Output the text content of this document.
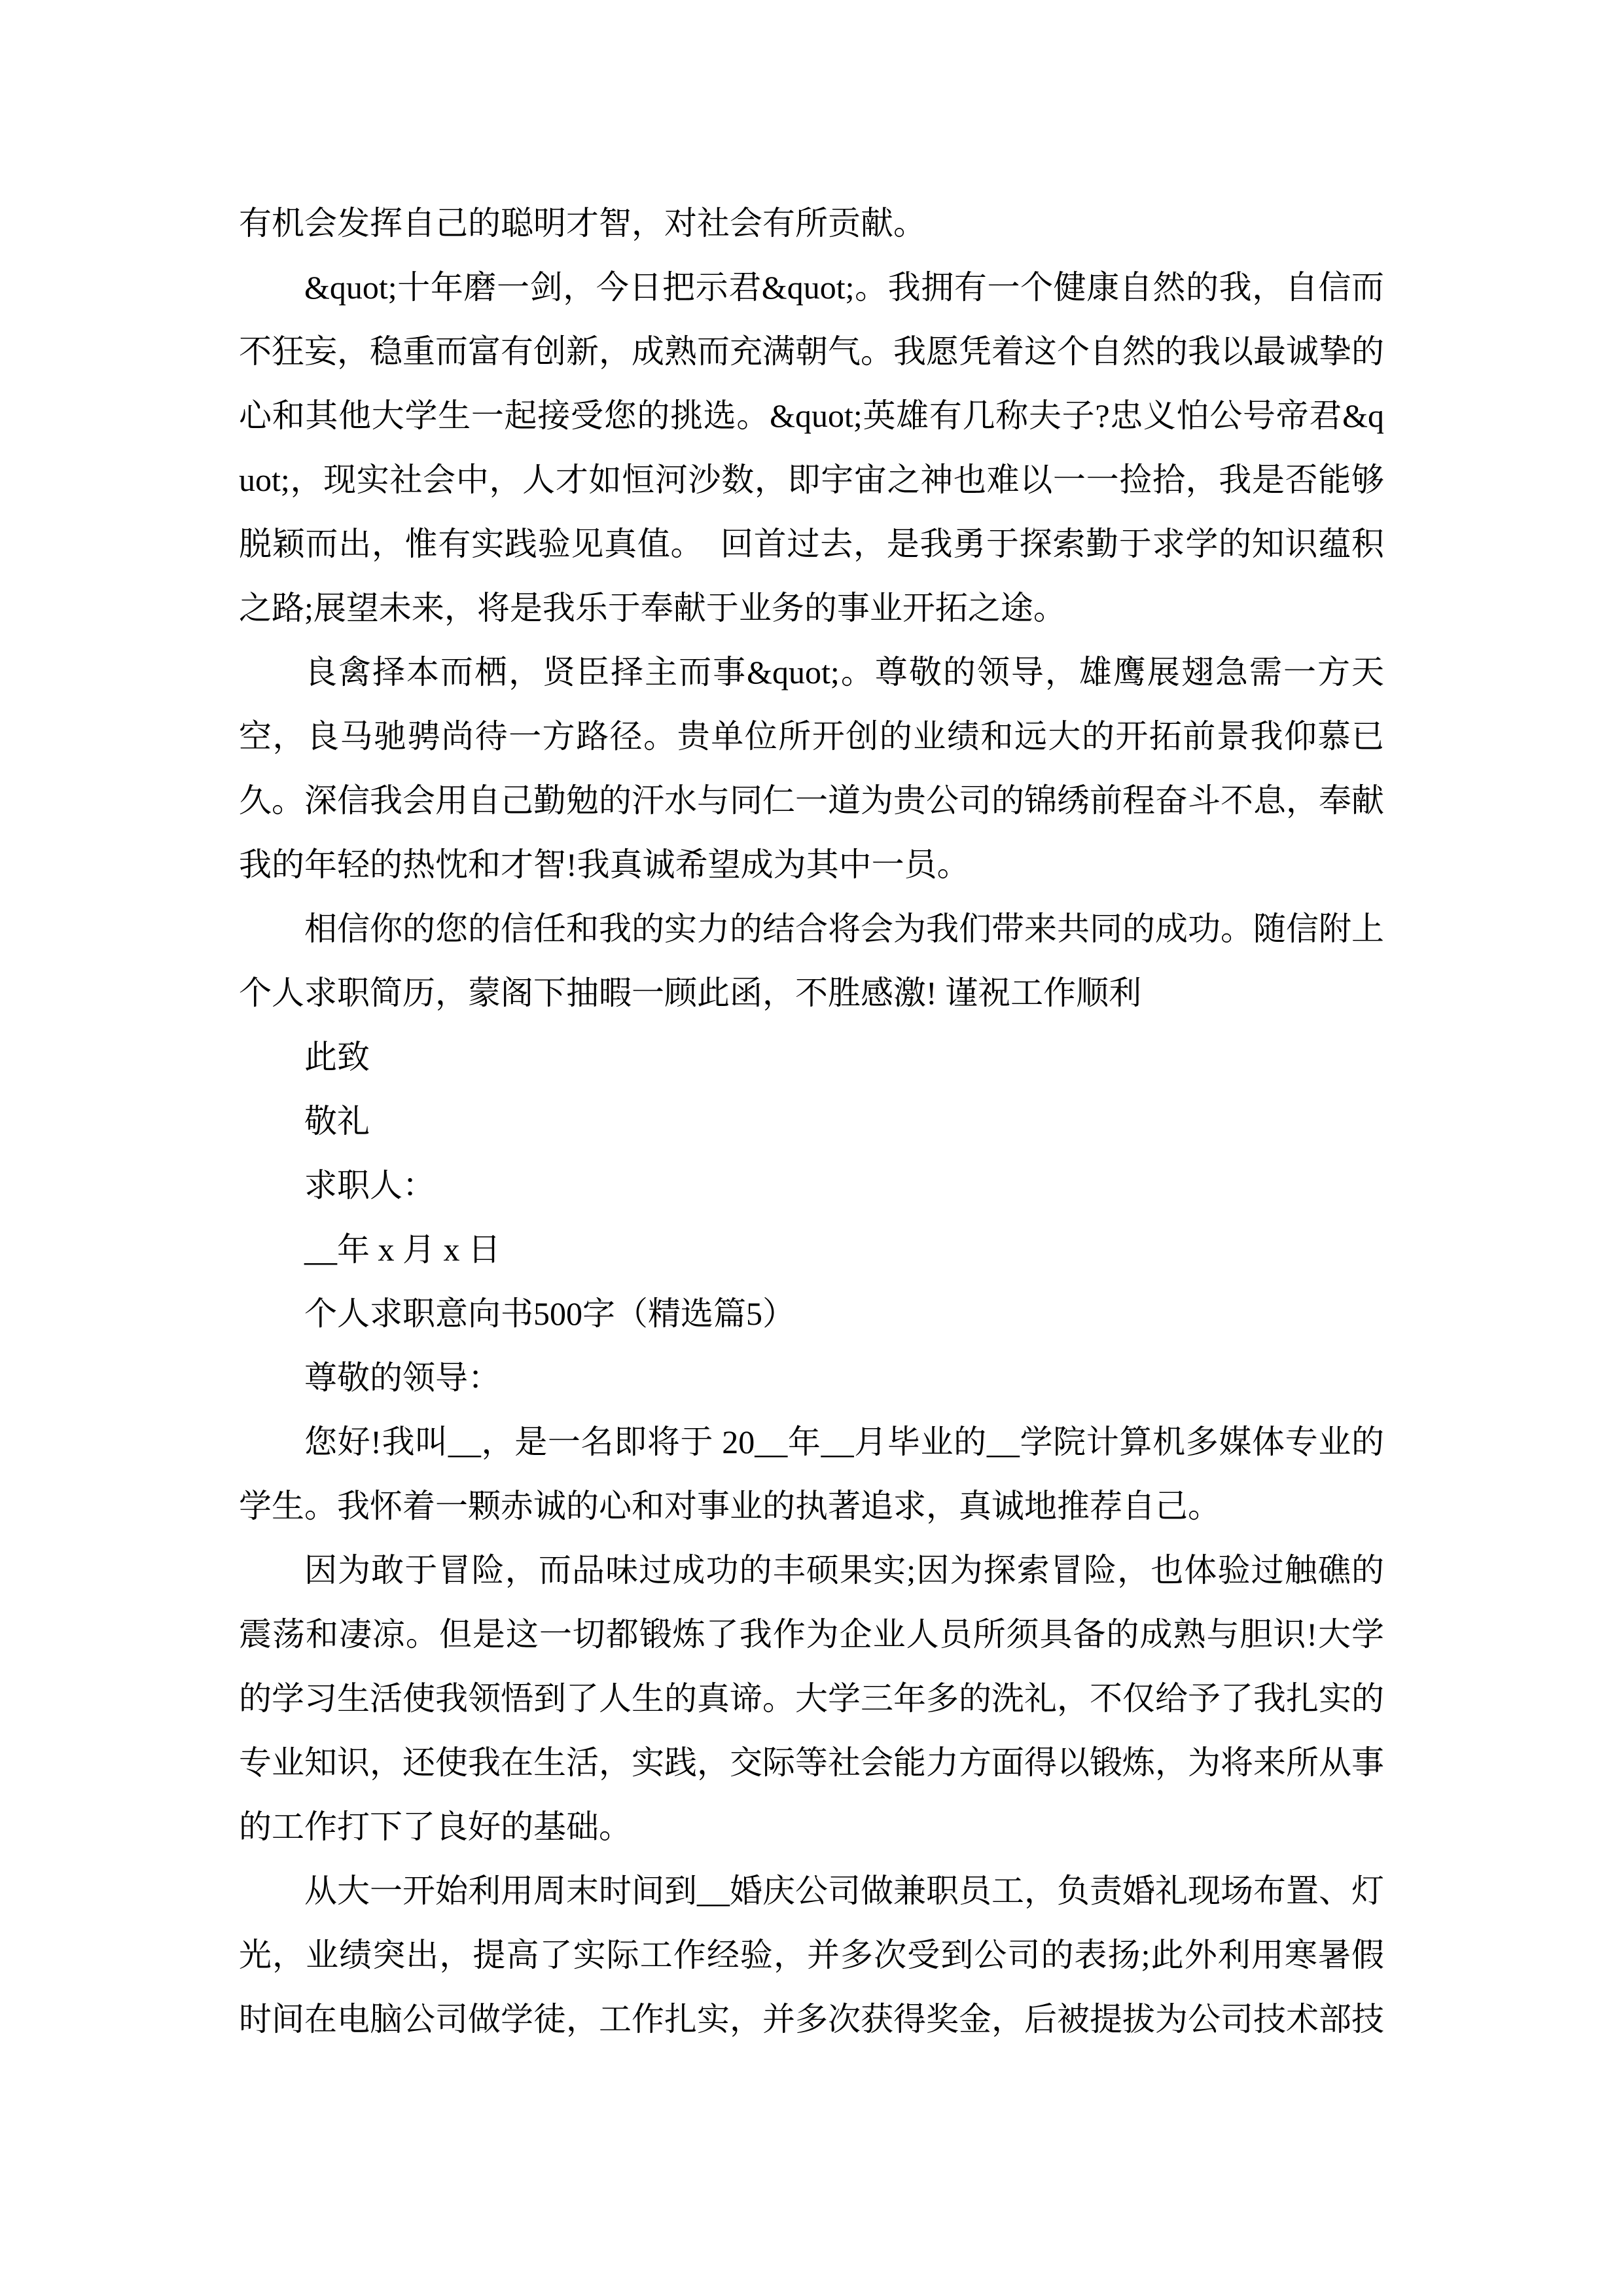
有机会发挥自己的聪明才智，对社会有所贡献。

&quot;十年磨一剑，今日把示君&quot;。我拥有一个健康自然的我，自信而不狂妄，稳重而富有创新，成熟而充满朝气。我愿凭着这个自然的我以最诚挚的心和其他大学生一起接受您的挑选。&quot;英雄有几称夫子?忠义怕公号帝君&quot;，现实社会中，人才如恒河沙数，即宇宙之神也难以一一捡拾，我是否能够脱颖而出，惟有实践验见真值。　回首过去，是我勇于探索勤于求学的知识蕴积之路;展望未来，将是我乐于奉献于业务的事业开拓之途。

良禽择本而栖，贤臣择主而事&quot;。尊敬的领导，雄鹰展翅急需一方天空，良马驰骋尚待一方路径。贵单位所开创的业绩和远大的开拓前景我仰慕已久。深信我会用自己勤勉的汗水与同仁一道为贵公司的锦绣前程奋斗不息，奉献我的年轻的热忱和才智!我真诚希望成为其中一员。

相信你的您的信任和我的实力的结合将会为我们带来共同的成功。随信附上个人求职简历，蒙阁下抽暇一顾此函，不胜感激! 谨祝工作顺利

此致

敬礼

求职人：

__年 x 月 x 日

个人求职意向书500字（精选篇5）

尊敬的领导：

您好!我叫__，是一名即将于 20__年__月毕业的__学院计算机多媒体专业的学生。我怀着一颗赤诚的心和对事业的执著追求，真诚地推荐自己。

因为敢于冒险，而品味过成功的丰硕果实;因为探索冒险，也体验过触礁的震荡和凄凉。但是这一切都锻炼了我作为企业人员所须具备的成熟与胆识!大学的学习生活使我领悟到了人生的真谛。大学三年多的洗礼，不仅给予了我扎实的专业知识，还使我在生活，实践，交际等社会能力方面得以锻炼，为将来所从事的工作打下了良好的基础。

从大一开始利用周末时间到__婚庆公司做兼职员工，负责婚礼现场布置、灯光，业绩突出，提高了实际工作经验，并多次受到公司的表扬;此外利用寒暑假时间在电脑公司做学徒，工作扎实，并多次获得奖金，后被提拔为公司技术部技
